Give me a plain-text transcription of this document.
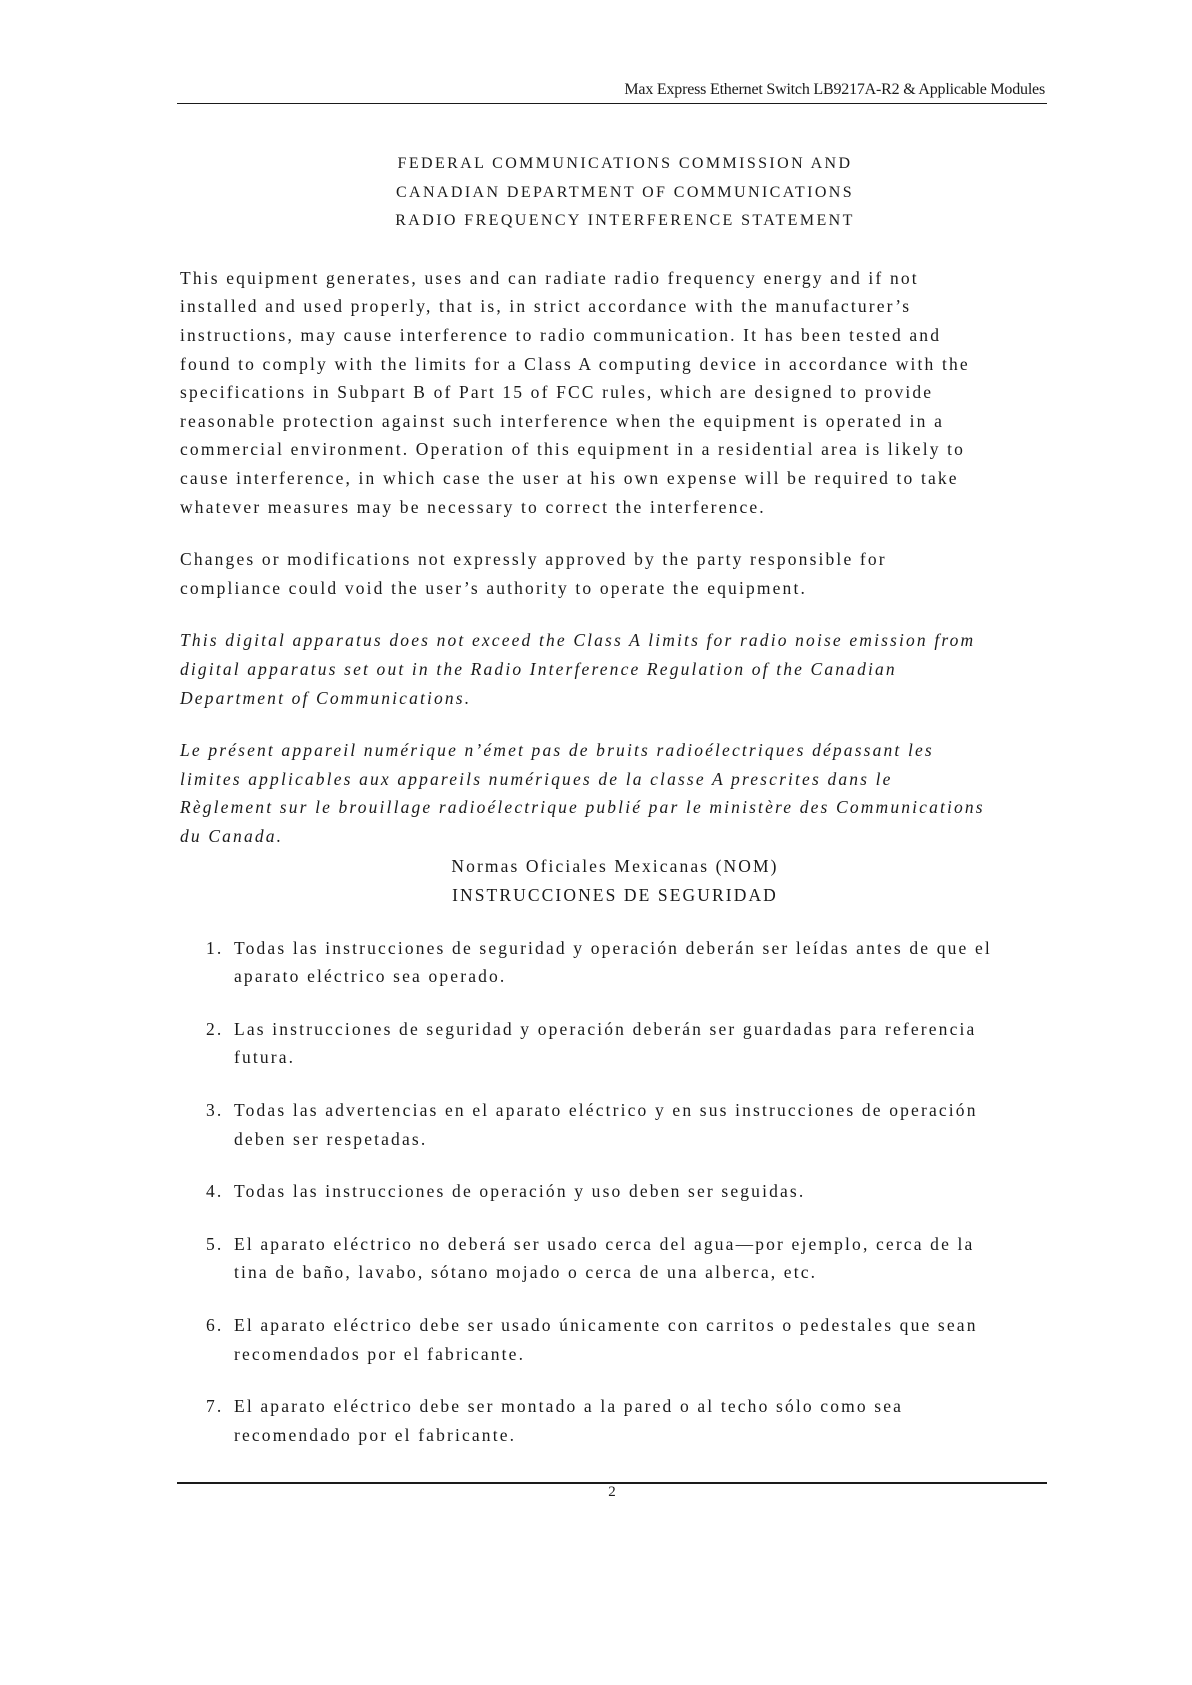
Max Express Ethernet Switch LB9217A-R2 & Applicable Modules
FEDERAL COMMUNICATIONS COMMISSION AND
CANADIAN DEPARTMENT OF COMMUNICATIONS
RADIO FREQUENCY INTERFERENCE STATEMENT

This equipment generates, uses and can radiate radio frequency energy and if not
installed and used properly, that is, in strict accordance with the manufacturer’s
instructions, may cause interference to radio communication. It has been tested and
found to comply with the limits for a Class A computing device in accordance with the
specifications in Subpart B of Part 15 of FCC rules, which are designed to provide
reasonable protection against such interference when the equipment is operated in a
commercial environment. Operation of this equipment in a residential area is likely to
cause interference, in which case the user at his own expense will be required to take
whatever measures may be necessary to correct the interference.

Changes or modifications not expressly approved by the party responsible for
compliance could void the user’s authority to operate the equipment.

This digital apparatus does not exceed the Class A limits for radio noise emission from
digital apparatus set out in the Radio Interference Regulation of the Canadian
Department of Communications.

Le présent appareil numérique n’émet pas de bruits radioélectriques dépassant les
limites applicables aux appareils numériques de la classe A prescrites dans le
Règlement sur le brouillage radioélectrique publié par le ministère des Communications
du Canada.

Normas Oficiales Mexicanas (NOM)
INSTRUCCIONES DE SEGURIDAD
1. Todas las instrucciones de seguridad y operación deberán ser leídas antes de que el
aparato eléctrico sea operado.
2. Las instrucciones de seguridad y operación deberán ser guardadas para referencia
futura.
3. Todas las advertencias en el aparato eléctrico y en sus instrucciones de operación
deben ser respetadas.
4. Todas las instrucciones de operación y uso deben ser seguidas.
5. El aparato eléctrico no deberá ser usado cerca del agua—por ejemplo, cerca de la
tina de baño, lavabo, sótano mojado o cerca de una alberca, etc.
6. El aparato eléctrico debe ser usado únicamente con carritos o pedestales que sean
recomendados por el fabricante.
7. El aparato eléctrico debe ser montado a la pared o al techo sólo como sea
recomendado por el fabricante.
2
